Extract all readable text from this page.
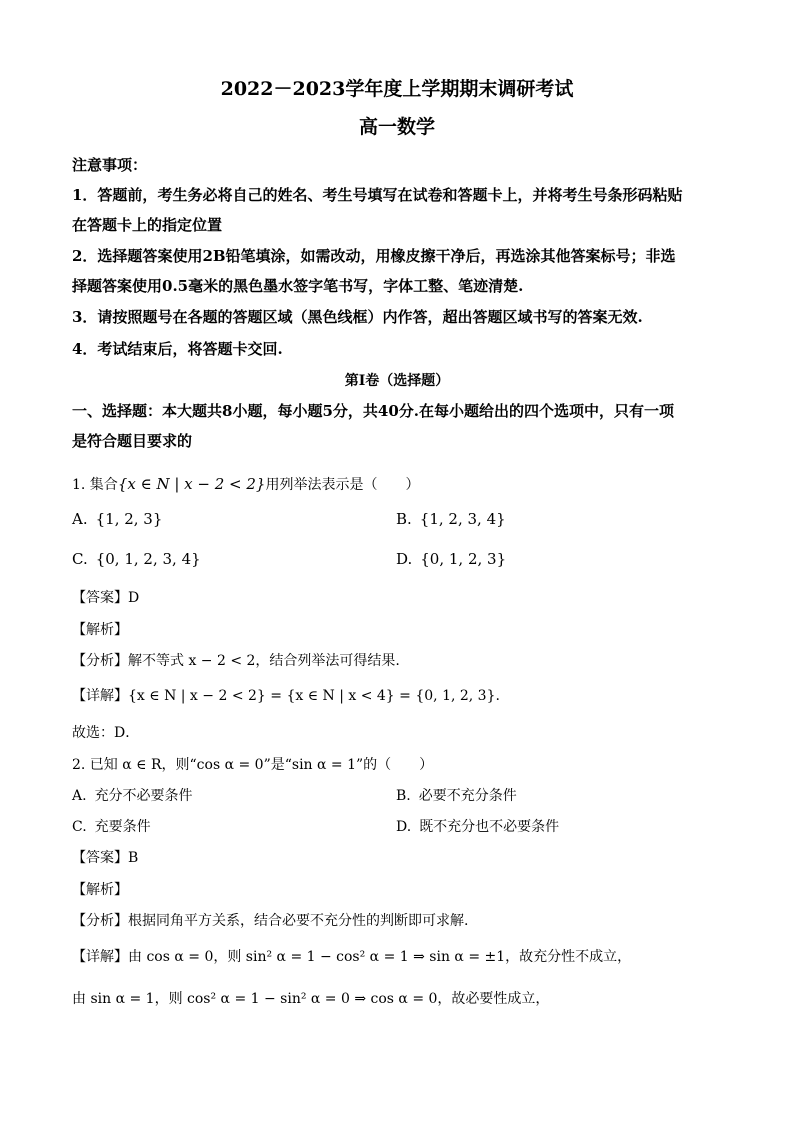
2022－2023学年度上学期期末调研考试
高一数学
注意事项：
1．答题前，考生务必将自己的姓名、考生号填写在试卷和答题卡上，并将考生号条形码粘贴
在答题卡上的指定位置
2．选择题答案使用2B铅笔填涂，如需改动，用橡皮擦干净后，再选涂其他答案标号；非选
择题答案使用0.5毫米的黑色墨水签字笔书写，字体工整、笔迹清楚.
3．请按照题号在各题的答题区域（黑色线框）内作答，超出答题区域书写的答案无效.
4．考试结束后，将答题卡交回.
第Ⅰ卷（选择题）
一、选择题：本大题共8小题，每小题5分，共40分.在每小题给出的四个选项中，只有一项
是符合题目要求的
1. 集合{x ∈ N | x − 2 < 2}用列举法表示是（　　）
A. {1, 2, 3}	B. {1, 2, 3, 4}
C. {0, 1, 2, 3, 4}	D. {0, 1, 2, 3}
【答案】D
【解析】
【分析】解不等式 x − 2 < 2，结合列举法可得结果.
【详解】{x ∈ N | x − 2 < 2} = {x ∈ N | x < 4} = {0, 1, 2, 3}.
故选：D．
2. 已知 α ∈ R，则“cos α = 0”是“sin α = 1”的（　　）
A. 充分不必要条件	B. 必要不充分条件
C. 充要条件	D. 既不充分也不必要条件
【答案】B
【解析】
【分析】根据同角平方关系，结合必要不充分性的判断即可求解.
【详解】由 cos α = 0，则 sin² α = 1 − cos² α = 1 ⇒ sin α = ±1，故充分性不成立，
由 sin α = 1，则 cos² α = 1 − sin² α = 0 ⇒ cos α = 0，故必要性成立，
